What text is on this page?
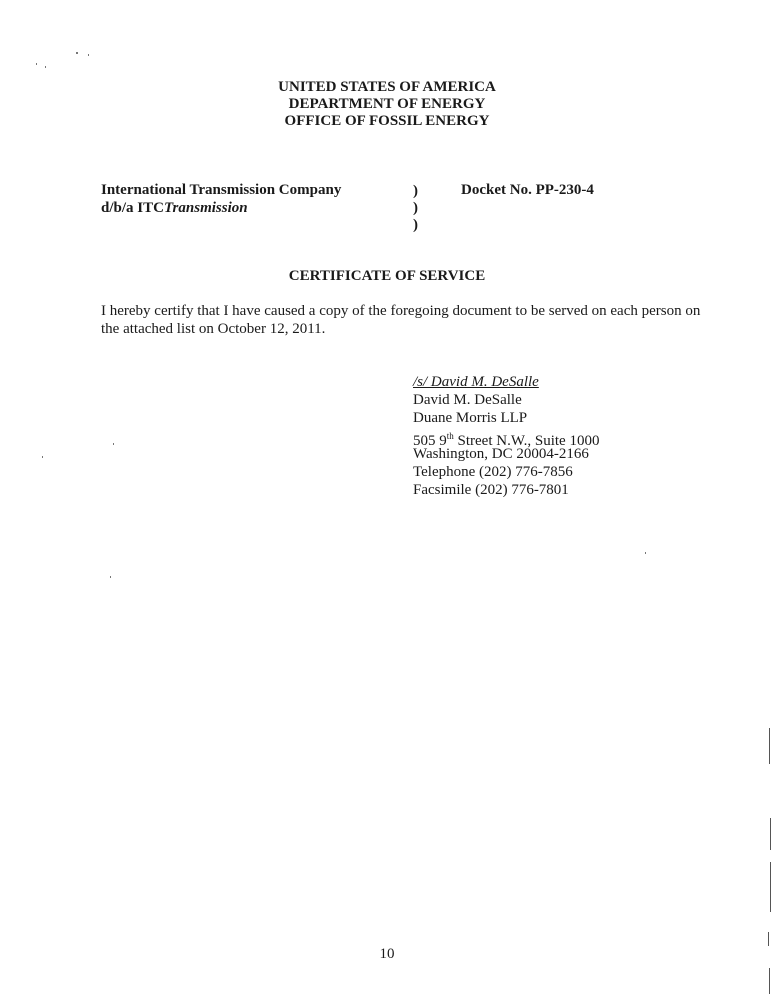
UNITED STATES OF AMERICA
DEPARTMENT OF ENERGY
OFFICE OF FOSSIL ENERGY
International Transmission Company
d/b/a ITCTransmission
)
)
)
Docket No. PP-230-4
CERTIFICATE OF SERVICE
I hereby certify that I have caused a copy of the foregoing document to be served on each person on
the attached list on October 12, 2011.
/s/ David M. DeSalle
David M. DeSalle
Duane Morris LLP
505 9th Street N.W., Suite 1000
Washington, DC 20004-2166
Telephone (202) 776-7856
Facsimile (202) 776-7801
10
